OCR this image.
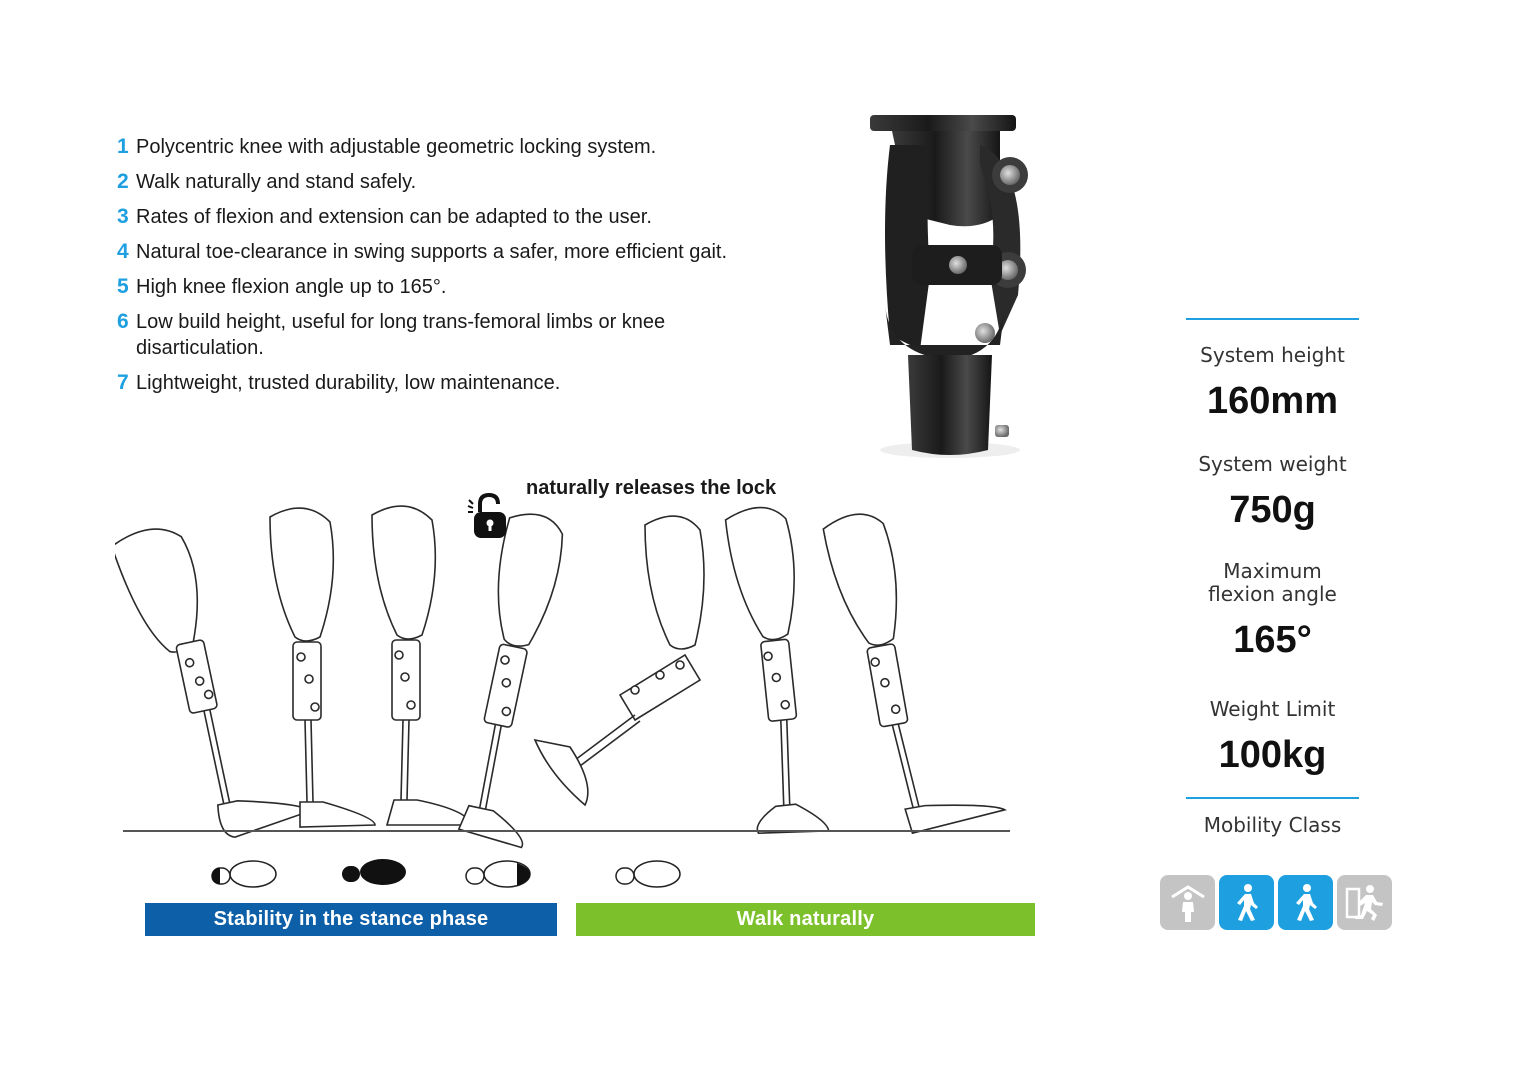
1 Polycentric knee with adjustable geometric locking system.
2 Walk naturally and stand safely.
3 Rates of flexion and extension can be adapted to the user.
4 Natural toe-clearance in swing supports a safer, more efficient gait.
5 High knee flexion angle up to 165°.
6 Low build height, useful for long trans-femoral limbs or knee disarticulation.
7 Lightweight, trusted durability, low maintenance.
naturally releases the lock
Stability in the stance phase	Walk naturally
System height
160mm
System weight
750g
Maximum
flexion angle
165°
Weight Limit
100kg
Mobility Class
